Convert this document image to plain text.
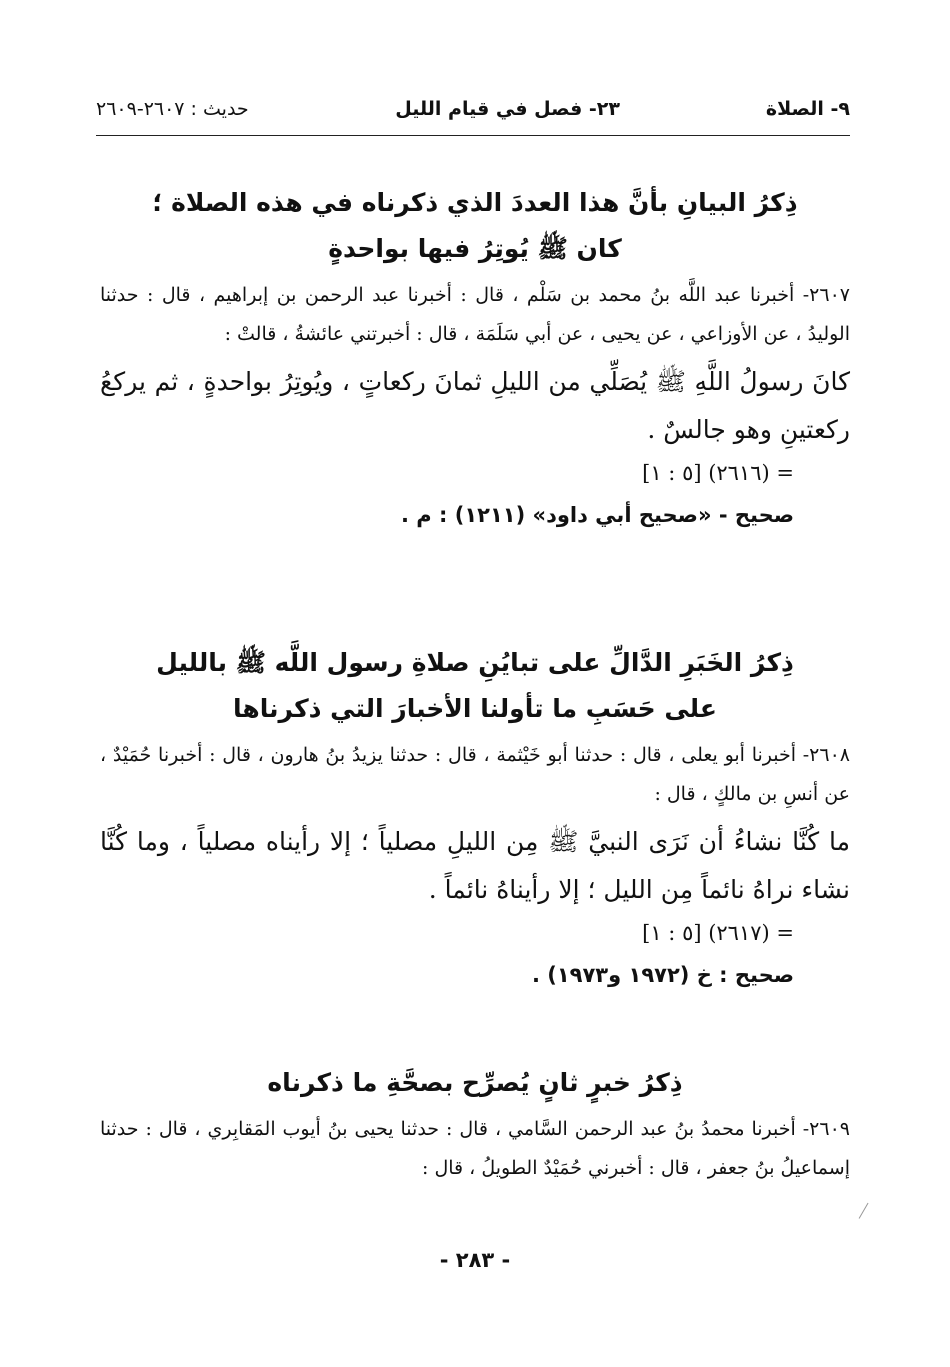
٩- الصلاة
٢٣- فصل في قيام الليل
حديث : ٢٦٠٧-٢٦٠٩
ذِكرُ البيانِ بأنَّ هذا العددَ الذي ذكرناه في هذه الصلاة ؛
كان ﷺ يُوتِرُ فيها بواحدةٍ
٢٦٠٧- أخبرنا عبد اللَّه بنُ محمد بن سَلْم ، قال : أخبرنا عبد الرحمن بن إبراهيم ، قال : حدثنا الوليدُ ، عن الأوزاعي ، عن يحيى ، عن أبي سَلَمَة ، قال : أخبرتني عائشةُ ، قالتْ :
كانَ رسولُ اللَّهِ ﷺ يُصَلِّي من الليلِ ثمانَ ركعاتٍ ، ويُوتِرُ بواحدةٍ ، ثم يركعُ ركعتينِ وهو جالسٌ .
= (٢٦١٦) [٥ : ١]
صحيح - «صحيح أبي داود» (١٢١١) : م .
ذِكرُ الخَبَرِ الدَّالِّ على تبايُنِ صلاةِ رسول اللَّه ﷺ بالليل
على حَسَبِ ما تأولنا الأخبارَ التي ذكرناها
٢٦٠٨- أخبرنا أبو يعلى ، قال : حدثنا أبو خَيْثمة ، قال : حدثنا يزيدُ بنُ هارون ، قال : أخبرنا حُمَيْدٌ ، عن أنسِ بن مالكٍ ، قال :
ما كُنَّا نشاءُ أن نَرَى النبيَّ ﷺ مِن الليلِ مصلياً ؛ إلا رأيناه مصلياً ، وما كُنَّا نشاء نراهُ نائماً مِن الليل ؛ إلا رأيناهُ نائماً .
= (٢٦١٧) [٥ : ١]
صحيح : خ (١٩٧٢ و١٩٧٣) .
ذِكرُ خبرٍ ثانٍ يُصرِّح بصحَّةِ ما ذكرناه
٢٦٠٩- أخبرنا محمدُ بنُ عبد الرحمن السَّامي ، قال : حدثنا يحيى بنُ أيوب المَقابِري ، قال : حدثنا إسماعيلُ بنُ جعفر ، قال : أخبرني حُمَيْدٌ الطويلُ ، قال :
- ٢٨٣ -
